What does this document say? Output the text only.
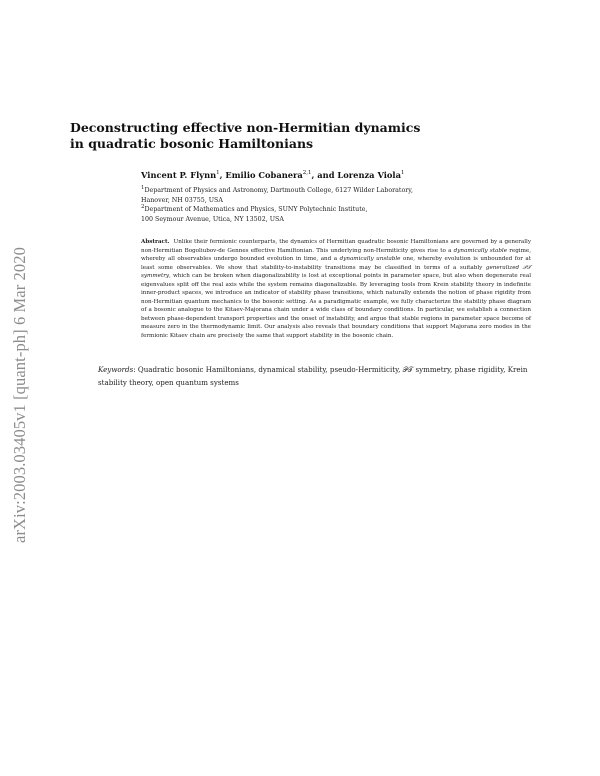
arXiv:2003.03405v1 [quant-ph] 6 Mar 2020
Deconstructing effective non-Hermitian dynamics
in quadratic bosonic Hamiltonians
Vincent P. Flynn$^1$, Emilio Cobanera$^{2,1}$, and Lorenza Viola$^1$
$^1$Department of Physics and Astronomy, Dartmouth College, 6127 Wilder Laboratory,
Hanover, NH 03755, USA
$^2$Department of Mathematics and Physics, SUNY Polytechnic Institute,
100 Seymour Avenue, Utica, NY 13502, USA
Abstract. Unlike their fermionic counterparts, the dynamics of Hermitian quadratic bosonic Hamiltonians are governed by a generally non-Hermitian Bogoliubov-de Gennes effective Hamiltonian. This underlying non-Hermiticity gives rise to a dynamically stable regime, whereby all observables undergo bounded evolution in time, and a dynamically unstable one, whereby evolution is unbounded for at least some observables. We show that stability-to-instability transitions may be classified in terms of a suitably generalized 𝒫𝒯 symmetry, which can be broken when diagonalizability is lost at exceptional points in parameter space, but also when degenerate real eigenvalues split off the real axis while the system remains diagonalizable. By leveraging tools from Krein stability theory in indefinite inner-product spaces, we introduce an indicator of stability phase transitions, which naturally extends the notion of phase rigidity from non-Hermitian quantum mechanics to the bosonic setting. As a paradigmatic example, we fully characterize the stability phase diagram of a bosonic analogue to the Kitaev-Majorana chain under a wide class of boundary conditions. In particular, we establish a connection between phase-dependent transport properties and the onset of instability, and argue that stable regions in parameter space become of measure zero in the thermodynamic limit. Our analysis also reveals that boundary conditions that support Majorana zero modes in the fermionic Kitaev chain are precisely the same that support stability in the bosonic chain.
Keywords: Quadratic bosonic Hamiltonians, dynamical stability, pseudo-Hermiticity, 𝒫𝒯 symmetry, phase rigidity, Krein stability theory, open quantum systems
